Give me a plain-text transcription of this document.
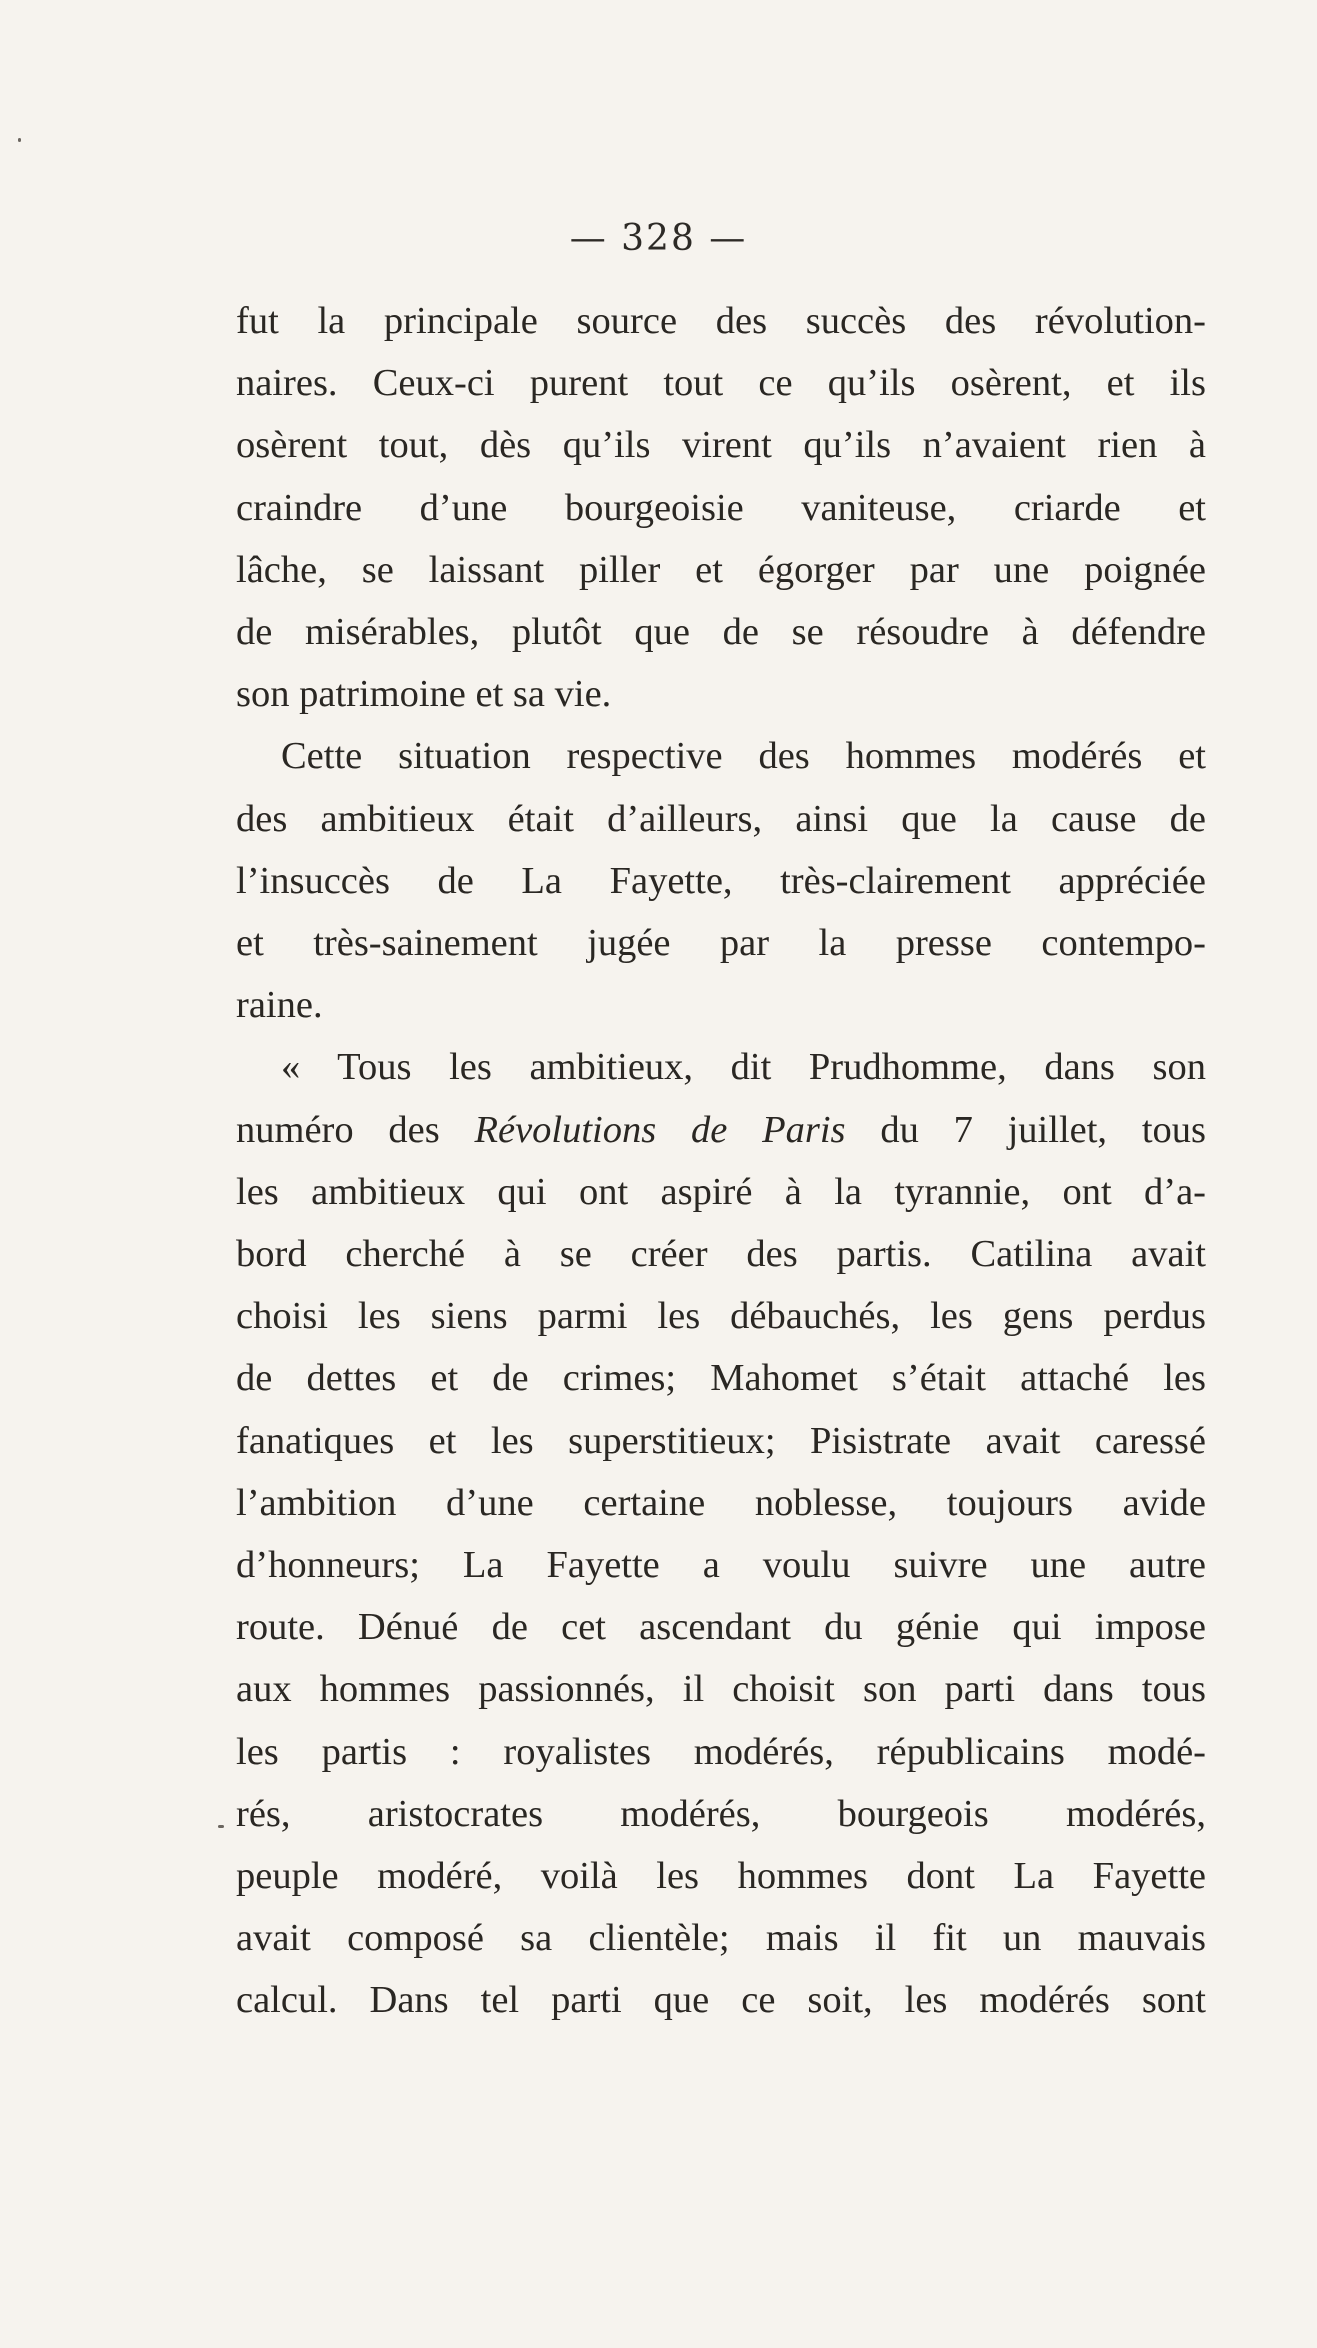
— 328 —
fut la principale source des succès des révolution-
naires. Ceux-ci purent tout ce qu’ils osèrent, et ils
osèrent tout, dès qu’ils virent qu’ils n’avaient rien à
craindre d’une bourgeoisie vaniteuse, criarde et
lâche, se laissant piller et égorger par une poignée
de misérables, plutôt que de se résoudre à défendre
son patrimoine et sa vie.
Cette situation respective des hommes modérés et
des ambitieux était d’ailleurs, ainsi que la cause de
l’insuccès de La Fayette, très-clairement appréciée
et très-sainement jugée par la presse contempo-
raine.
« Tous les ambitieux, dit Prudhomme, dans son
numéro des Révolutions de Paris du 7 juillet, tous
les ambitieux qui ont aspiré à la tyrannie, ont d’a-
bord cherché à se créer des partis. Catilina avait
choisi les siens parmi les débauchés, les gens perdus
de dettes et de crimes; Mahomet s’était attaché les
fanatiques et les superstitieux; Pisistrate avait caressé
l’ambition d’une certaine noblesse, toujours avide
d’honneurs; La Fayette a voulu suivre une autre
route. Dénué de cet ascendant du génie qui impose
aux hommes passionnés, il choisit son parti dans tous
les partis : royalistes modérés, républicains modé-
rés, aristocrates modérés, bourgeois modérés,
peuple modéré, voilà les hommes dont La Fayette
avait composé sa clientèle; mais il fit un mauvais
calcul. Dans tel parti que ce soit, les modérés sont
